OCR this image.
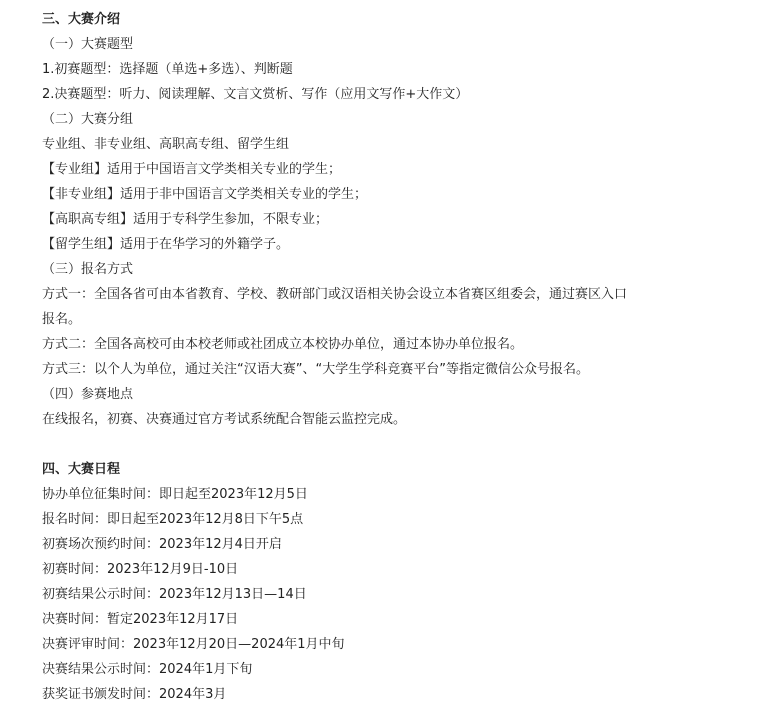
三、大赛介绍
（一）大赛题型
1.初赛题型：选择题（单选+多选）、判断题
2.决赛题型：听力、阅读理解、文言文赏析、写作（应用文写作+大作文）
（二）大赛分组
专业组、非专业组、高职高专组、留学生组
【专业组】适用于中国语言文学类相关专业的学生；
【非专业组】适用于非中国语言文学类相关专业的学生；
【高职高专组】适用于专科学生参加，不限专业；
【留学生组】适用于在华学习的外籍学子。
（三）报名方式
方式一：全国各省可由本省教育、学校、教研部门或汉语相关协会设立本省赛区组委会，通过赛区入口
报名。
方式二：全国各高校可由本校老师或社团成立本校协办单位，通过本协办单位报名。
方式三：以个人为单位，通过关注“汉语大赛”、“大学生学科竞赛平台”等指定微信公众号报名。
（四）参赛地点
在线报名，初赛、决赛通过官方考试系统配合智能云监控完成。
四、大赛日程
协办单位征集时间：即日起至2023年12月5日
报名时间：即日起至2023年12月8日下午5点
初赛场次预约时间：2023年12月4日开启
初赛时间：2023年12月9日-10日
初赛结果公示时间：2023年12月13日—14日
决赛时间：暂定2023年12月17日
决赛评审时间：2023年12月20日—2024年1月中旬
决赛结果公示时间：2024年1月下旬
获奖证书颁发时间：2024年3月
